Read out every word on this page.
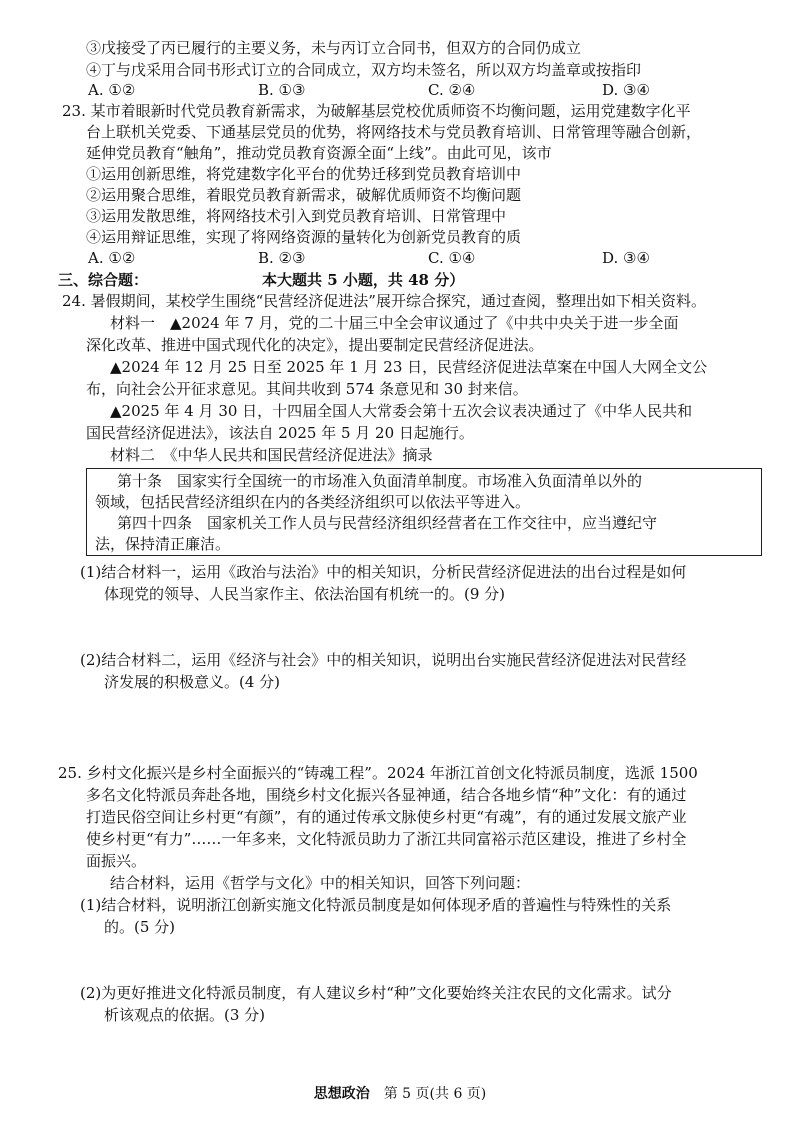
③戊接受了丙已履行的主要义务，未与丙订立合同书，但双方的合同仍成立
④丁与戊采用合同书形式订立的合同成立，双方均未签名，所以双方均盖章或按指印
A. ①②	B. ①③	C. ②④	D. ③④
23. 某市着眼新时代党员教育新需求，为破解基层党校优质师资不均衡问题，运用党建数字化平
台上联机关党委、下通基层党员的优势，将网络技术与党员教育培训、日常管理等融合创新，
延伸党员教育“触角”，推动党员教育资源全面“上线”。由此可见，该市
①运用创新思维，将党建数字化平台的优势迁移到党员教育培训中
②运用聚合思维，着眼党员教育新需求，破解优质师资不均衡问题
③运用发散思维，将网络技术引入到党员教育培训、日常管理中
④运用辩证思维，实现了将网络资源的量转化为创新党员教育的质
A. ①②	B. ②③	C. ①④	D. ③④
三、综合题：	本大题共 5 小题，共 48 分）
24. 暑假期间，某校学生围绕“民营经济促进法”展开综合探究，通过查阅，整理出如下相关资料。
材料一　▲2024 年 7 月，党的二十届三中全会审议通过了《中共中央关于进一步全面
深化改革、推进中国式现代化的决定》，提出要制定民营经济促进法。
▲2024 年 12 月 25 日至 2025 年 1 月 23 日，民营经济促进法草案在中国人大网全文公
布，向社会公开征求意见。其间共收到 574 条意见和 30 封来信。
▲2025 年 4 月 30 日，十四届全国人大常委会第十五次会议表决通过了《中华人民共和
国民营经济促进法》，该法自 2025 年 5 月 20 日起施行。
材料二　《中华人民共和国民营经济促进法》摘录
第十条　国家实行全国统一的市场准入负面清单制度。市场准入负面清单以外的
领域，包括民营经济组织在内的各类经济组织可以依法平等进入。
第四十四条　国家机关工作人员与民营经济组织经营者在工作交往中，应当遵纪守
法，保持清正廉洁。
(1)结合材料一，运用《政治与法治》中的相关知识，分析民营经济促进法的出台过程是如何
体现党的领导、人民当家作主、依法治国有机统一的。(9 分)
(2)结合材料二，运用《经济与社会》中的相关知识，说明出台实施民营经济促进法对民营经
济发展的积极意义。(4 分)
25. 乡村文化振兴是乡村全面振兴的“铸魂工程”。2024 年浙江首创文化特派员制度，选派 1500
多名文化特派员奔赴各地，围绕乡村文化振兴各显神通，结合各地乡情“种”文化：有的通过
打造民俗空间让乡村更“有颜”，有的通过传承文脉使乡村更“有魂”，有的通过发展文旅产业
使乡村更“有力”……一年多来，文化特派员助力了浙江共同富裕示范区建设，推进了乡村全
面振兴。
结合材料，运用《哲学与文化》中的相关知识，回答下列问题：
(1)结合材料，说明浙江创新实施文化特派员制度是如何体现矛盾的普遍性与特殊性的关系
的。(5 分)
(2)为更好推进文化特派员制度，有人建议乡村“种”文化要始终关注农民的文化需求。试分
析该观点的依据。(3 分)
思想政治 第 5 页(共 6 页)
